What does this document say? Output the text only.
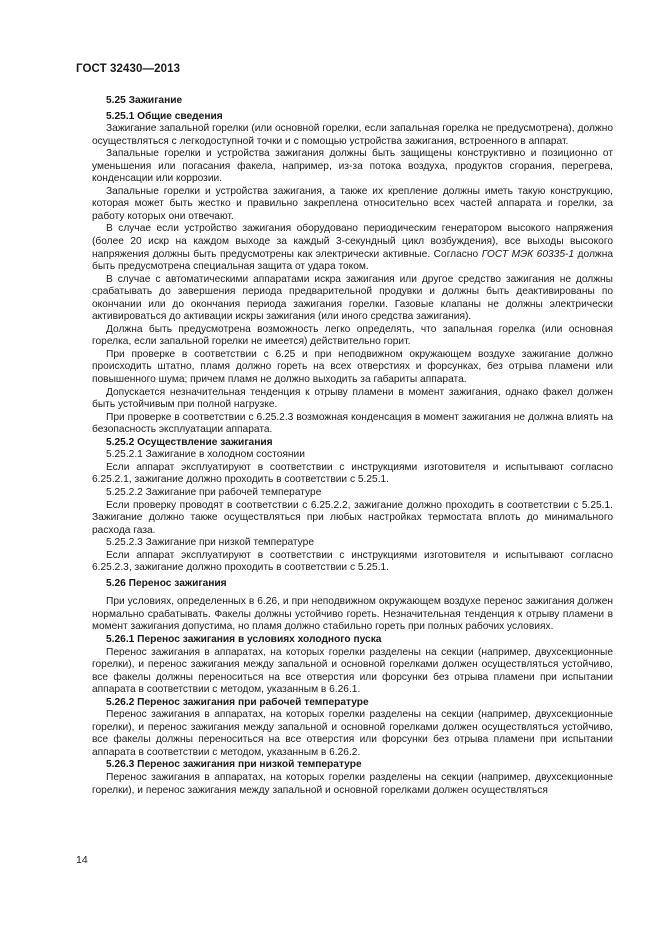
ГОСТ 32430—2013

5.25 Зажигание

5.25.1 Общие сведения

Зажигание запальной горелки (или основной горелки, если запальная горелка не предусмотрена), должно осуществляться с легкодоступной точки и с помощью устройства зажигания, встроенного в аппарат.

Запальные горелки и устройства зажигания должны быть защищены конструктивно и позиционно от уменьшения или погасания факела, например, из-за потока воздуха, продуктов сгорания, перегрева, конденсации или коррозии.

Запальные горелки и устройства зажигания, а также их крепление должны иметь такую конструкцию, которая может быть жестко и правильно закреплена относительно всех частей аппарата и горелки, за работу которых они отвечают.

В случае если устройство зажигания оборудовано периодическим генератором высокого напряжения (более 20 искр на каждом выходе за каждый 3-секундный цикл возбуждения), все выходы высокого напряжения должны быть предусмотрены как электрически активные. Согласно ГОСТ МЭК 60335-1 должна быть предусмотрена специальная защита от удара током.

В случае с автоматическими аппаратами искра зажигания или другое средство зажигания не должны срабатывать до завершения периода предварительной продувки и должны быть деактивированы по окончании или до окончания периода зажигания горелки. Газовые клапаны не должны электрически активироваться до активации искры зажигания (или иного средства зажигания).

Должна быть предусмотрена возможность легко определять, что запальная горелка (или основная горелка, если запальной горелки не имеется) действительно горит.

При проверке в соответствии с 6.25 и при неподвижном окружающем воздухе зажигание должно происходить штатно, пламя должно гореть на всех отверстиях и форсунках, без отрыва пламени или повышенного шума; причем пламя не должно выходить за габариты аппарата.

Допускается незначительная тенденция к отрыву пламени в момент зажигания, однако факел должен быть устойчивым при полной нагрузке.

При проверке в соответствии с 6.25.2.3 возможная конденсация в момент зажигания не должна влиять на безопасность эксплуатации аппарата.

5.25.2 Осуществление зажигания

5.25.2.1 Зажигание в холодном состоянии

Если аппарат эксплуатируют в соответствии с инструкциями изготовителя и испытывают согласно 6.25.2.1, зажигание должно проходить в соответствии с 5.25.1.

5.25.2.2 Зажигание при рабочей температуре

Если проверку проводят в соответствии с 6.25.2.2, зажигание должно проходить в соответствии с 5.25.1. Зажигание должно также осуществляться при любых настройках термостата вплоть до минимального расхода газа.

5.25.2.3 Зажигание при низкой температуре

Если аппарат эксплуатируют в соответствии с инструкциями изготовителя и испытывают согласно 6.25.2.3, зажигание должно проходить в соответствии с 5.25.1.

5.26 Перенос зажигания

При условиях, определенных в 6.26, и при неподвижном окружающем воздухе перенос зажигания должен нормально срабатывать. Факелы должны устойчиво гореть. Незначительная тенденция к отрыву пламени в момент зажигания допустима, но пламя должно стабильно гореть при полных рабочих условиях.

5.26.1 Перенос зажигания в условиях холодного пуска

Перенос зажигания в аппаратах, на которых горелки разделены на секции (например, двухсекционные горелки), и перенос зажигания между запальной и основной горелками должен осуществляться устойчиво, все факелы должны переноситься на все отверстия или форсунки без отрыва пламени при испытании аппарата в соответствии с методом, указанным в 6.26.1.

5.26.2 Перенос зажигания при рабочей температуре

Перенос зажигания в аппаратах, на которых горелки разделены на секции (например, двухсекционные горелки), и перенос зажигания между запальной и основной горелками должен осуществляться устойчиво, все факелы должны переноситься на все отверстия или форсунки без отрыва пламени при испытании аппарата в соответствии с методом, указанным в 6.26.2.

5.26.3 Перенос зажигания при низкой температуре

Перенос зажигания в аппаратах, на которых горелки разделены на секции (например, двухсекционные горелки), и перенос зажигания между запальной и основной горелками должен осуществляться

14
